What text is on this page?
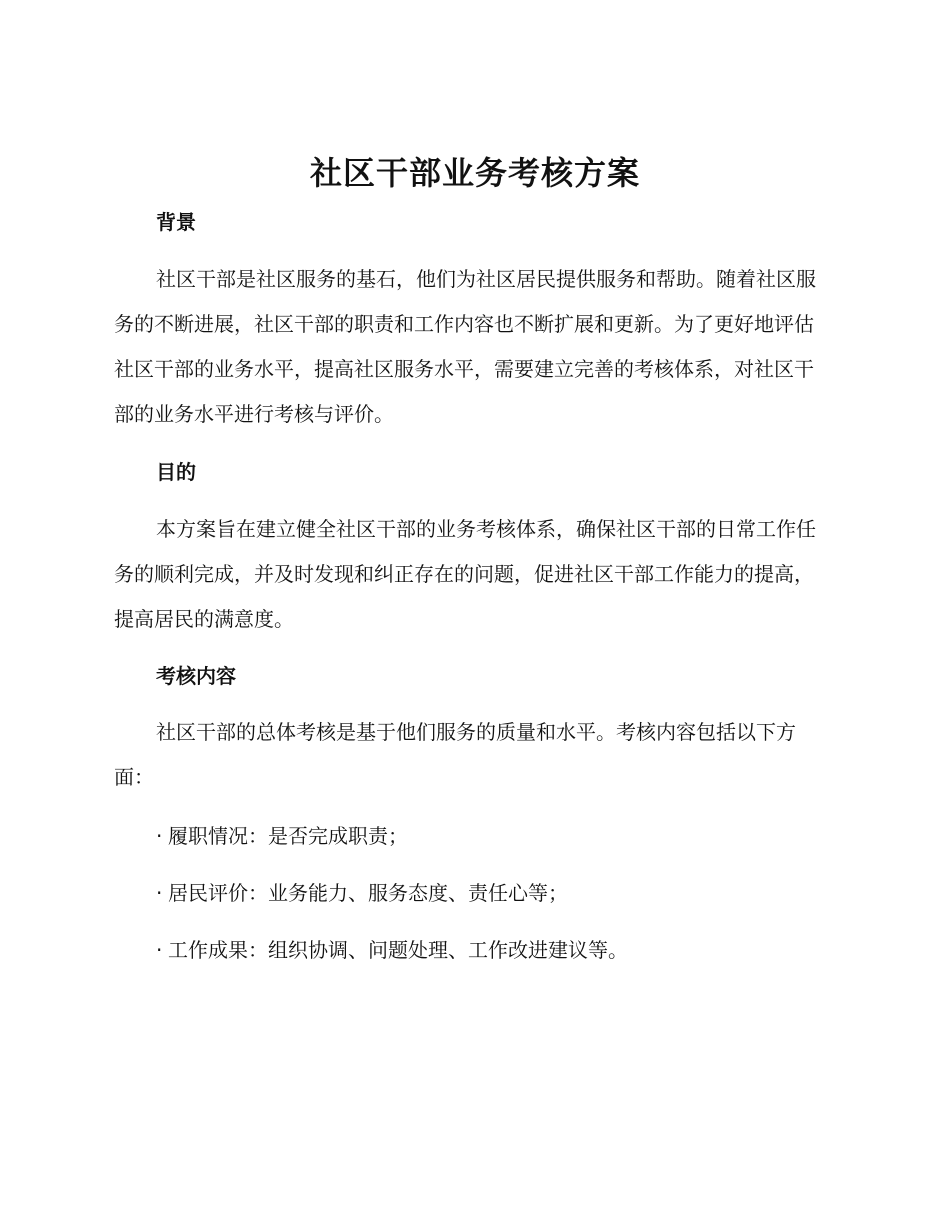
社区干部业务考核方案
背景

社区干部是社区服务的基石，他们为社区居民提供服务和帮助。随着社区服务的不断进展，社区干部的职责和工作内容也不断扩展和更新。为了更好地评估社区干部的业务水平，提高社区服务水平，需要建立完善的考核体系，对社区干部的业务水平进行考核与评价。

目的

本方案旨在建立健全社区干部的业务考核体系，确保社区干部的日常工作任务的顺利完成，并及时发现和纠正存在的问题，促进社区干部工作能力的提高，提高居民的满意度。

考核内容

社区干部的总体考核是基于他们服务的质量和水平。考核内容包括以下方面：

· 履职情况：是否完成职责；
· 居民评价：业务能力、服务态度、责任心等；
· 工作成果：组织协调、问题处理、工作改进建议等。
